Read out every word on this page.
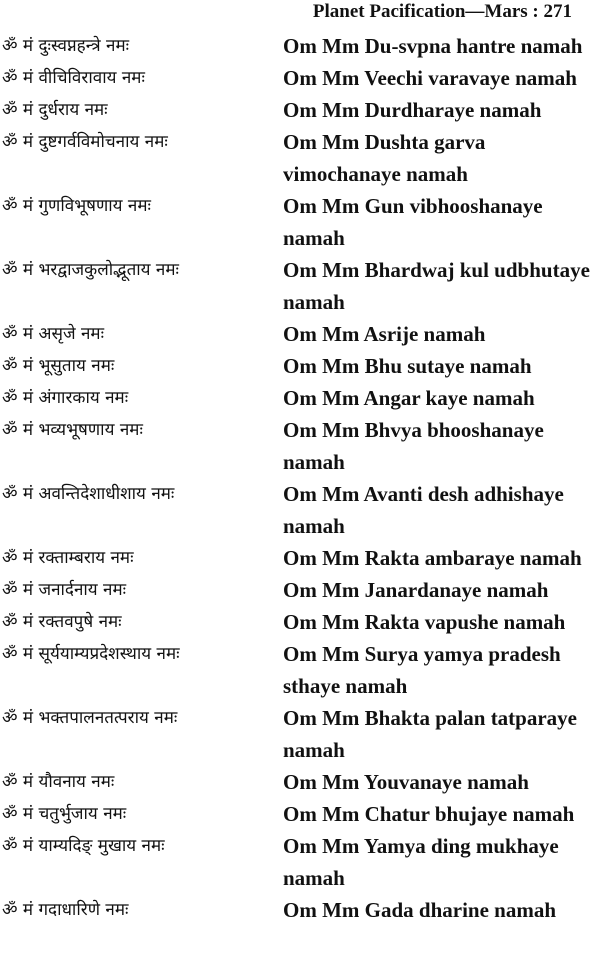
Planet Pacification—Mars : 271
ॐ मं दुःस्वप्नहन्त्रे नमः	Om Mm Du-svpna hantre namah
ॐ मं वीचिविरावाय नमः	Om Mm Veechi varavaye namah
ॐ मं दुर्धराय नमः	Om Mm Durdharaye namah
ॐ मं दुष्टगर्वविमोचनाय नमः	Om Mm Dushta garva vimochanaye namah
ॐ मं गुणविभूषणाय नमः	Om Mm Gun vibhooshanaye namah
ॐ मं भरद्वाजकुलोद्भूताय नमः	Om Mm Bhardwaj kul udbhutaye namah
ॐ मं असृजे नमः	Om Mm Asrije namah
ॐ मं भूसुताय नमः	Om Mm Bhu sutaye namah
ॐ मं अंगारकाय नमः	Om Mm Angar kaye namah
ॐ मं भव्यभूषणाय नमः	Om Mm Bhvya bhooshanaye namah
ॐ मं अवन्तिदेशाधीशाय नमः	Om Mm Avanti desh adhishaye namah
ॐ मं रक्ताम्बराय नमः	Om Mm Rakta ambaraye namah
ॐ मं जनार्दनाय नमः	Om Mm Janardanaye namah
ॐ मं रक्तवपुषे नमः	Om Mm Rakta vapushe namah
ॐ मं सूर्ययाम्यप्रदेशस्थाय नमः	Om Mm Surya yamya pradesh sthaye namah
ॐ मं भक्तपालनतत्पराय नमः	Om Mm Bhakta palan tatparaye namah
ॐ मं यौवनाय नमः	Om Mm Youvanaye namah
ॐ मं चतुर्भुजाय नमः	Om Mm Chatur bhujaye namah
ॐ मं याम्यदिङ् मुखाय नमः	Om Mm Yamya ding mukhaye namah
ॐ मं गदाधारिणे नमः	Om Mm Gada dharine namah
